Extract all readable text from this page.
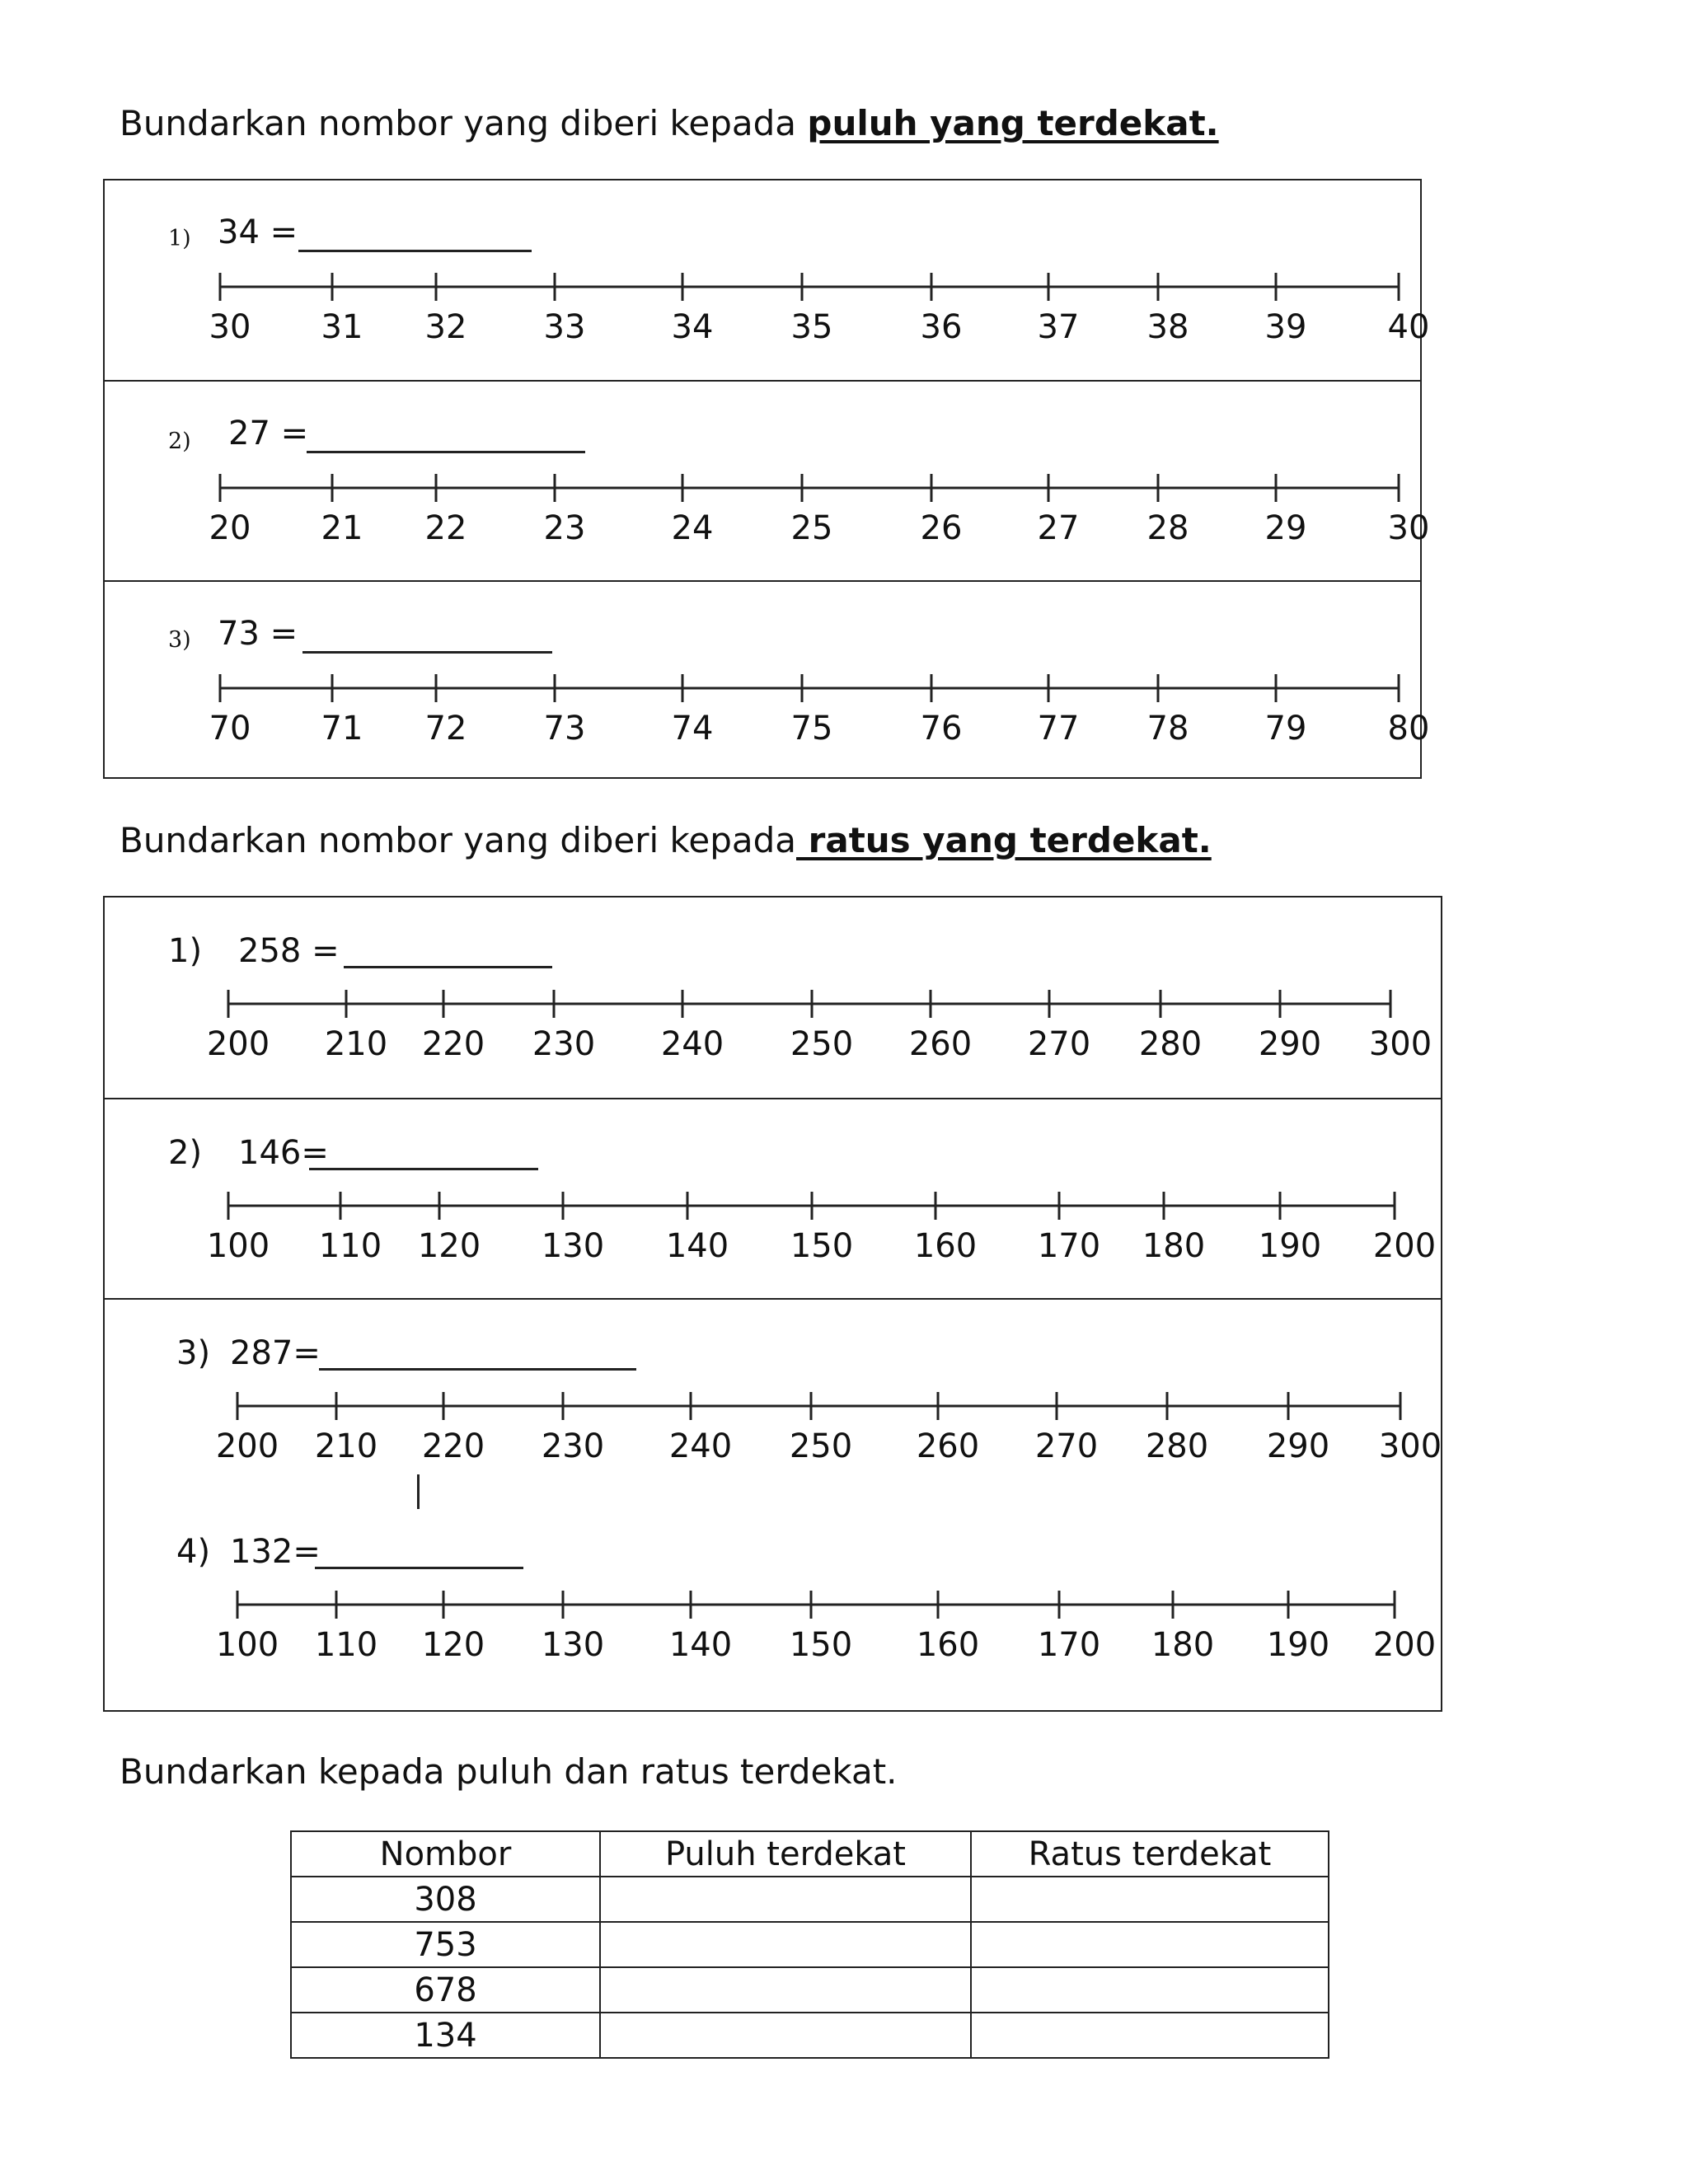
Bundarkan nombor yang diberi kepada puluh yang terdekat.
1) 34 =
30 31 32 33	34 35	36 37 38 39 40
2) 27 =
20 21 22 23	24 25	26 27 28 29 30
3) 73 =
70 71 72 73	74 75	76 77 78 79 80
Bundarkan nombor yang diberi kepada ratus yang terdekat.
1) 258 =
200 210 220 230 240 250 260 270 280 290 300
2) 146=
100 110 120 130 140 150 160 170 180 190 200
3) 287=
200 210 220 230 240 250 260 270 280 290 300
4) 132=
100 110 120 130 140 150 160 170 180 190 200
Bundarkan kepada puluh dan ratus terdekat.
Nombor	Puluh terdekat	Ratus terdekat
308		
753		
678		
134		
